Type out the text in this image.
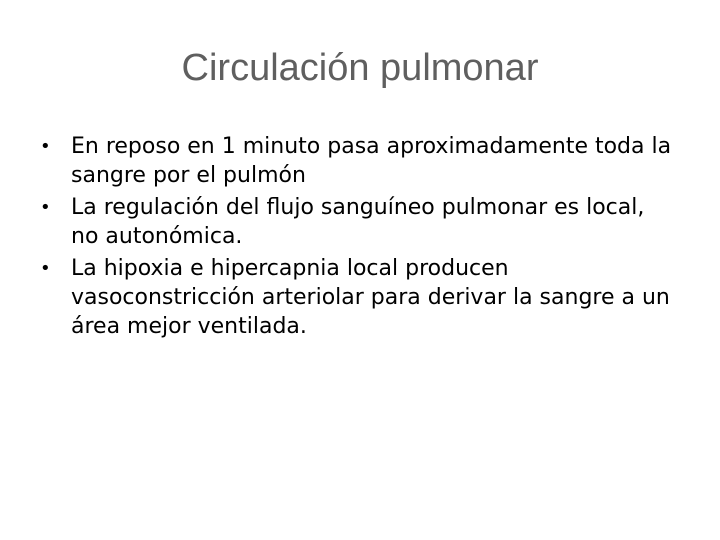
Circulación pulmonar
• En reposo en 1 minuto pasa aproximadamente toda la sangre por el pulmón
• La regulación del flujo sanguíneo pulmonar es local, no autonómica.
• La hipoxia e hipercapnia local producen vasoconstricción arteriolar para derivar la sangre a un área mejor ventilada.
